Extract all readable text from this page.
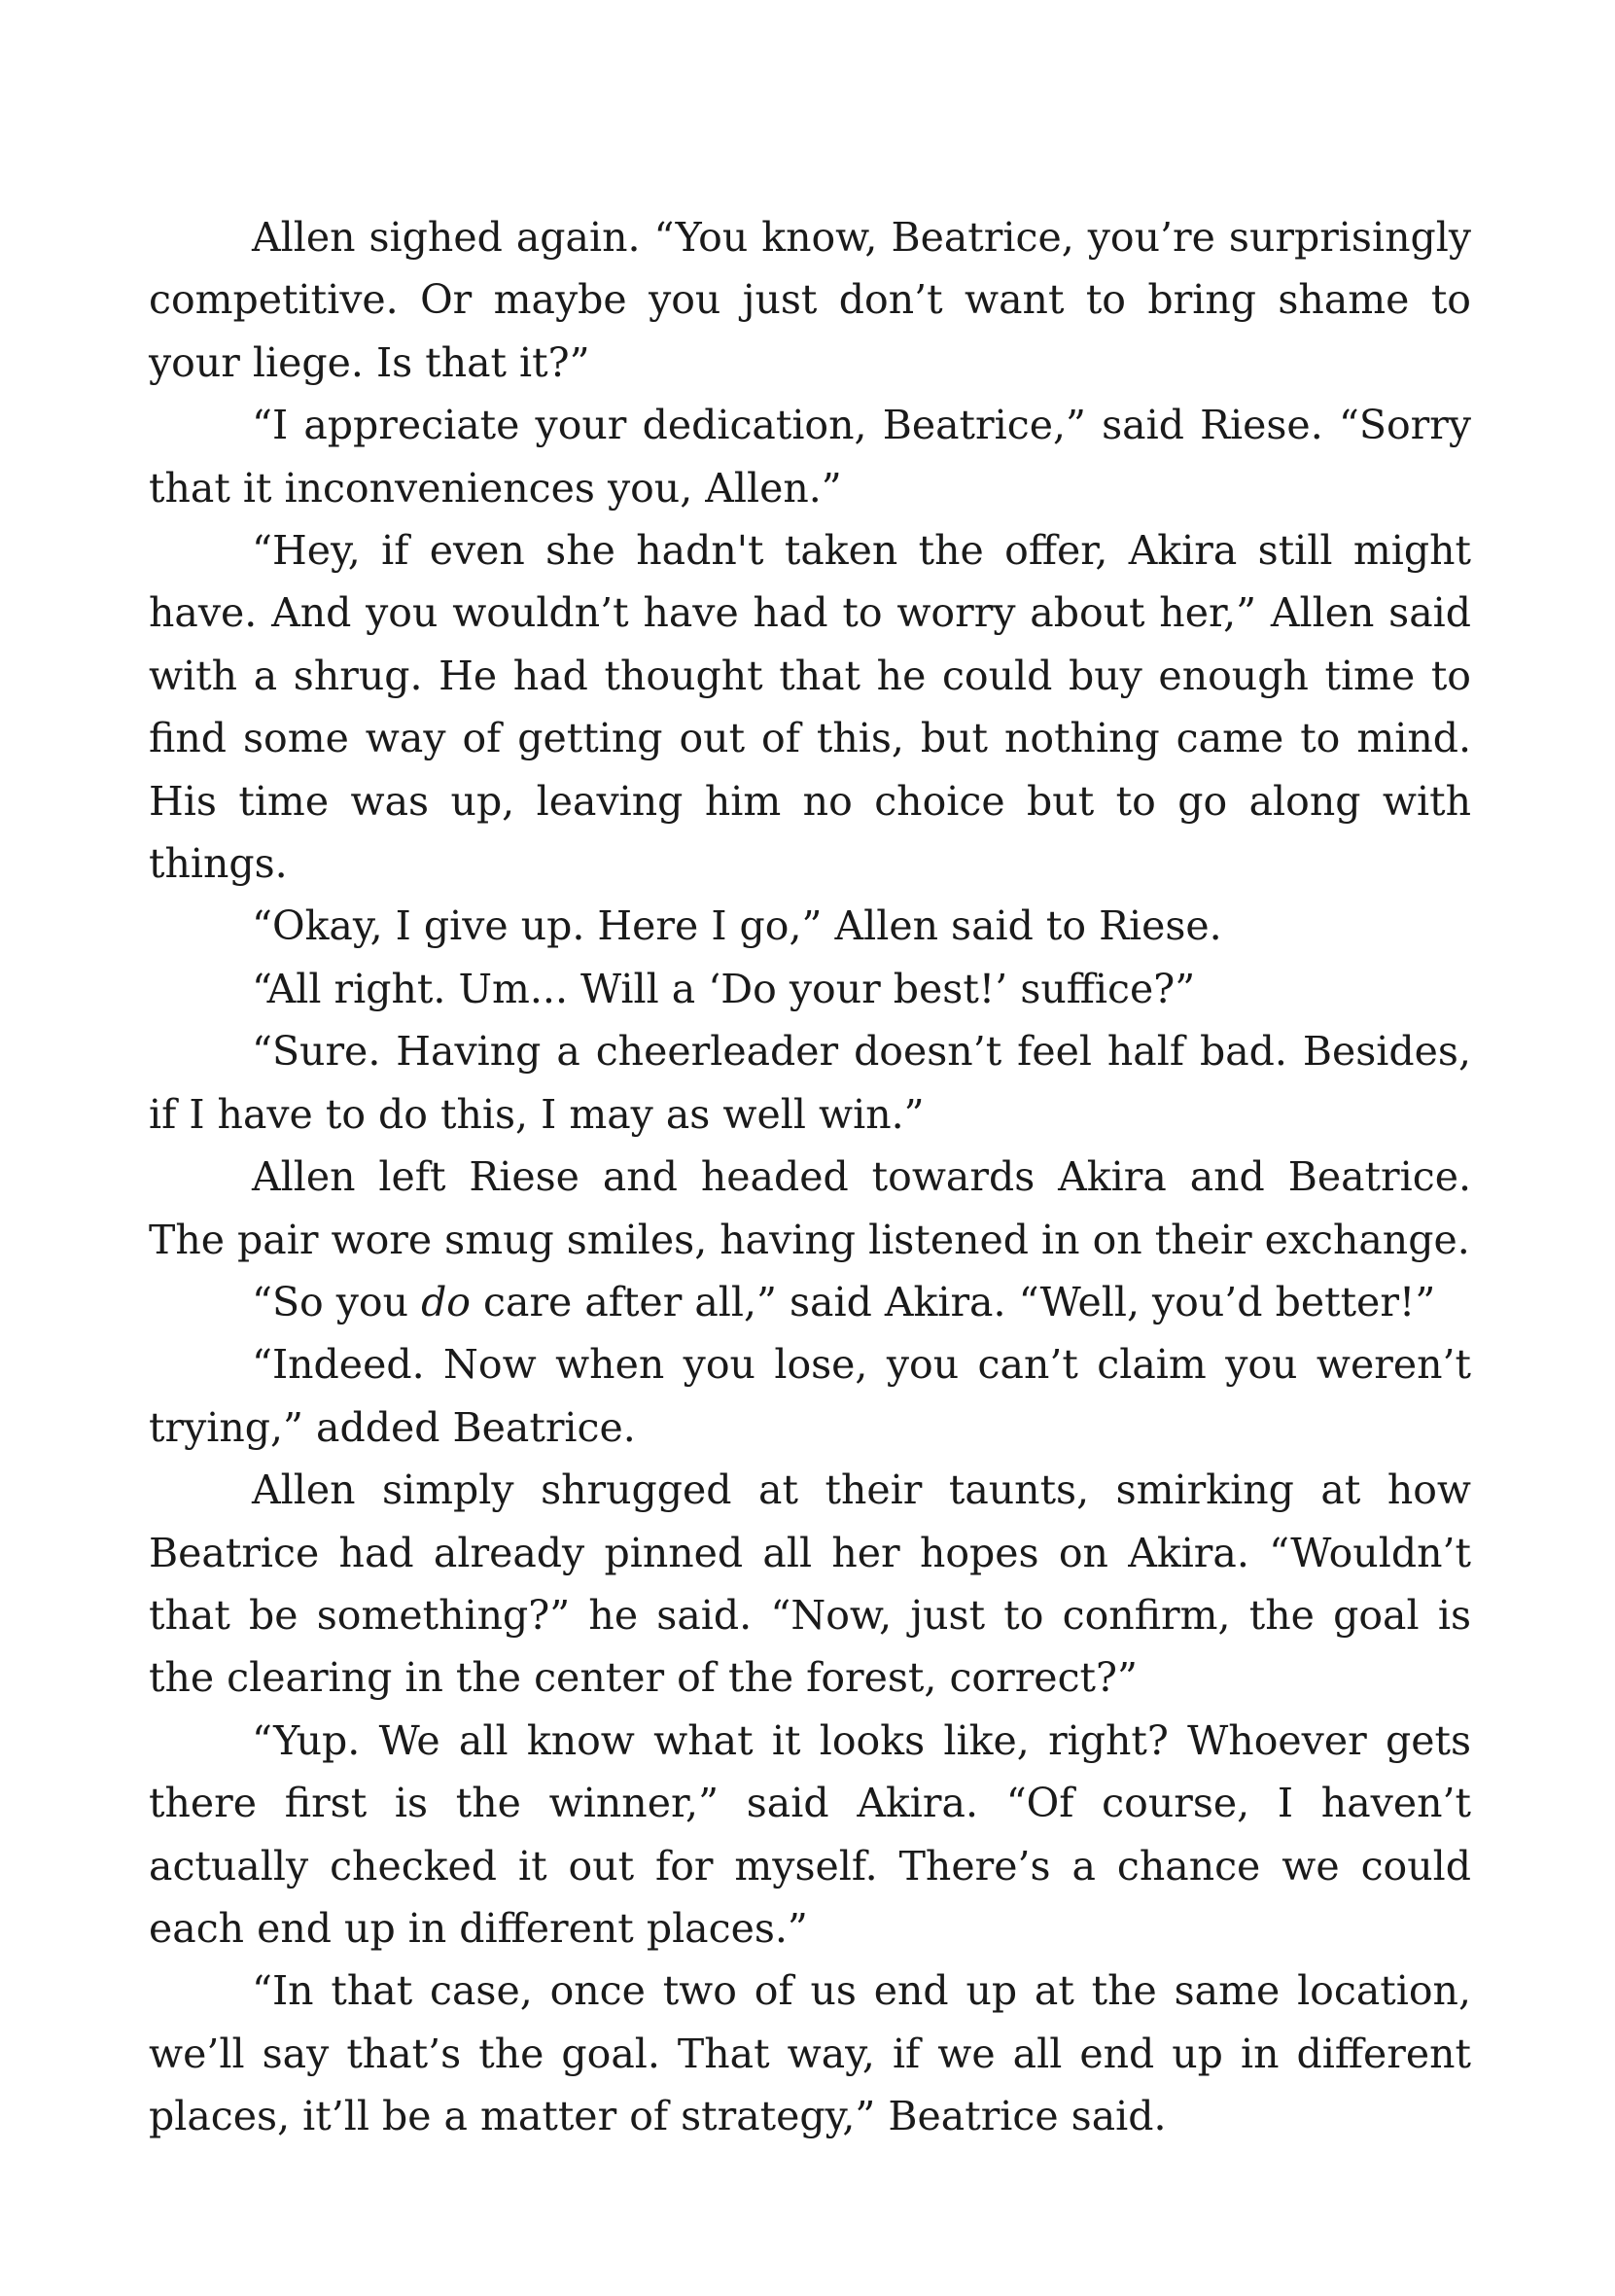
Allen sighed again. “You know, Beatrice, you’re surprisingly competitive. Or maybe you just don’t want to bring shame to your liege. Is that it?”

“I appreciate your dedication, Beatrice,” said Riese. “Sorry that it inconveniences you, Allen.”

“Hey, if even she hadn't taken the offer, Akira still might have. And you wouldn’t have had to worry about her,” Allen said with a shrug. He had thought that he could buy enough time to find some way of getting out of this, but nothing came to mind. His time was up, leaving him no choice but to go along with things.

“Okay, I give up. Here I go,” Allen said to Riese.

“All right. Um... Will a ‘Do your best!’ suffice?”

“Sure. Having a cheerleader doesn’t feel half bad. Besides, if I have to do this, I may as well win.”

Allen left Riese and headed towards Akira and Beatrice. The pair wore smug smiles, having listened in on their exchange.

“So you do care after all,” said Akira. “Well, you’d better!”

“Indeed. Now when you lose, you can’t claim you weren’t trying,” added Beatrice.

Allen simply shrugged at their taunts, smirking at how Beatrice had already pinned all her hopes on Akira. “Wouldn’t that be something?” he said. “Now, just to confirm, the goal is the clearing in the center of the forest, correct?”

“Yup. We all know what it looks like, right? Whoever gets there first is the winner,” said Akira. “Of course, I haven’t actually checked it out for myself. There’s a chance we could each end up in different places.”

“In that case, once two of us end up at the same location, we’ll say that’s the goal. That way, if we all end up in different places, it’ll be a matter of strategy,” Beatrice said.
